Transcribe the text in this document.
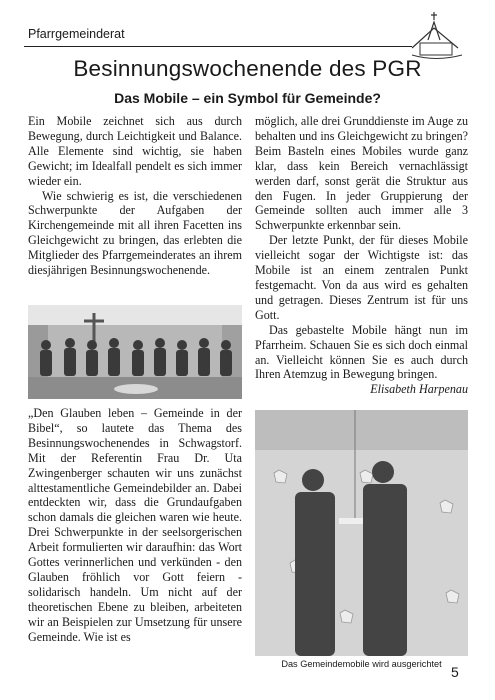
Pfarrgemeinderat
Besinnungswochenende des PGR
Das Mobile – ein Symbol für Gemeinde?

Ein Mobile zeichnet sich aus durch Bewegung, durch Leichtigkeit und Balance. Alle Elemente sind wichtig, sie haben Gewicht; im Idealfall pendelt es sich immer wieder ein.

Wie schwierig es ist, die verschiedenen Schwerpunkte der Aufgaben der Kirchengemeinde mit all ihren Facetten ins Gleichgewicht zu bringen, das erlebten die Mitglieder des Pfarrgemeinderates an ihrem diesjährigen Besinnungswochenende.

„Den Glauben leben – Gemeinde in der Bibel“, so lautete das Thema des Besinnungswochenendes in Schwagstorf. Mit der Referentin Frau Dr. Uta Zwingenberger schauten wir uns zunächst alttestamentliche Gemeindebilder an. Dabei entdeckten wir, dass die Grundaufgaben schon damals die gleichen waren wie heute. Drei Schwerpunkte in der seelsorgerischen Arbeit formulierten wir daraufhin: das Wort Gottes verinnerlichen und verkünden - den Glauben fröhlich vor Gott feiern - solidarisch handeln. Um nicht auf der theoretischen Ebene zu bleiben, arbeiteten wir an Beispielen zur Umsetzung für unsere Gemeinde. Wie ist es

möglich, alle drei Grunddienste im Auge zu behalten und ins Gleichgewicht zu bringen? Beim Basteln eines Mobiles wurde ganz klar, dass kein Bereich vernachlässigt werden darf, sonst gerät die Struktur aus den Fugen. In jeder Gruppierung der Gemeinde sollten auch immer alle 3 Schwerpunkte erkennbar sein.

Der letzte Punkt, der für dieses Mobile vielleicht sogar der Wichtigste ist: das Mobile ist an einem zentralen Punkt festgemacht. Von da aus wird es gehalten und getragen. Dieses Zentrum ist für uns Gott.

Das gebastelte Mobile hängt nun im Pfarrheim. Schauen Sie es sich doch einmal an. Vielleicht können Sie es auch durch Ihren Atemzug in Bewegung bringen.

Elisabeth Harpenau

Das Gemeindemobile wird ausgerichtet 5
